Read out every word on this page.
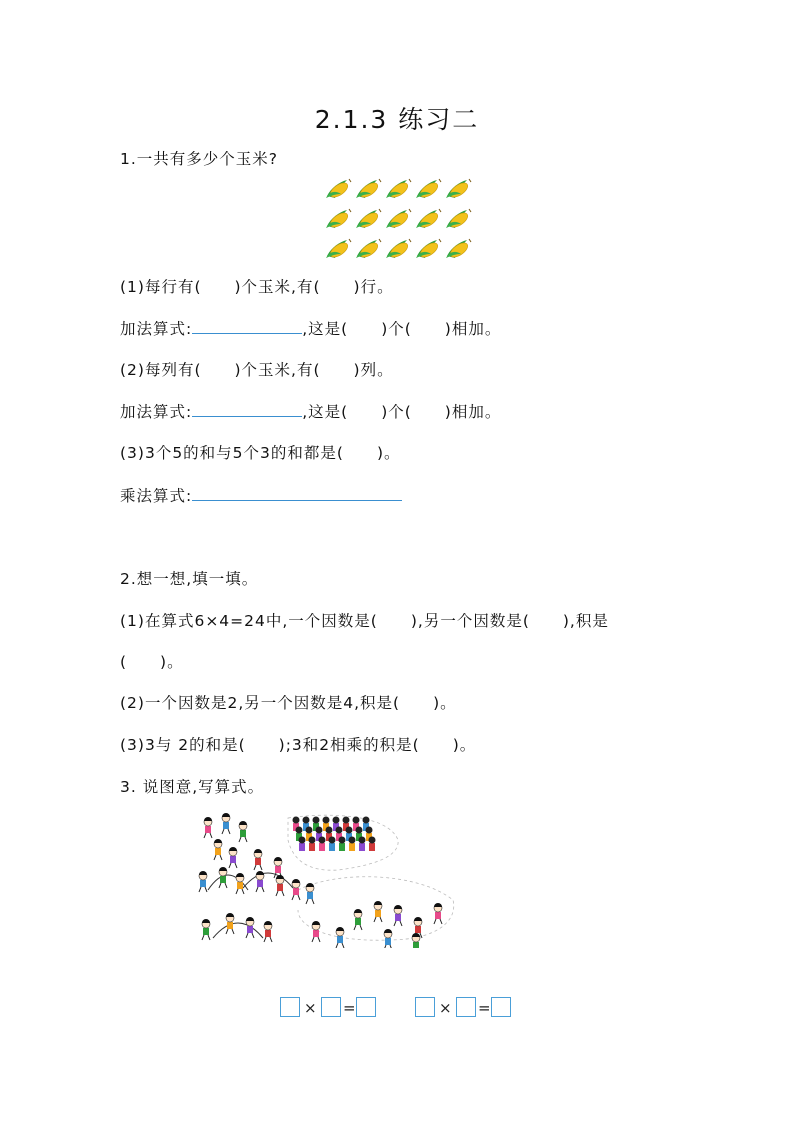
2.1.3 练习二
1.一共有多少个玉米?
(1)每行有(　　)个玉米,有(　　)行。
加法算式:	,这是(　　)个(　　)相加。
(2)每列有(　　)个玉米,有(　　)列。
加法算式:	,这是(　　)个(　　)相加。
(3)3个5的和与5个3的和都是(　　)。
乘法算式:
2.想一想,填一填。
(1)在算式6×4=24中,一个因数是(　　),另一个因数是(　　),积是
(　　)。
(2)一个因数是2,另一个因数是4,积是(　　)。
(3)3与 2的和是(　　);3和2相乘的积是(　　)。
3. 说图意,写算式。
× =	× =
